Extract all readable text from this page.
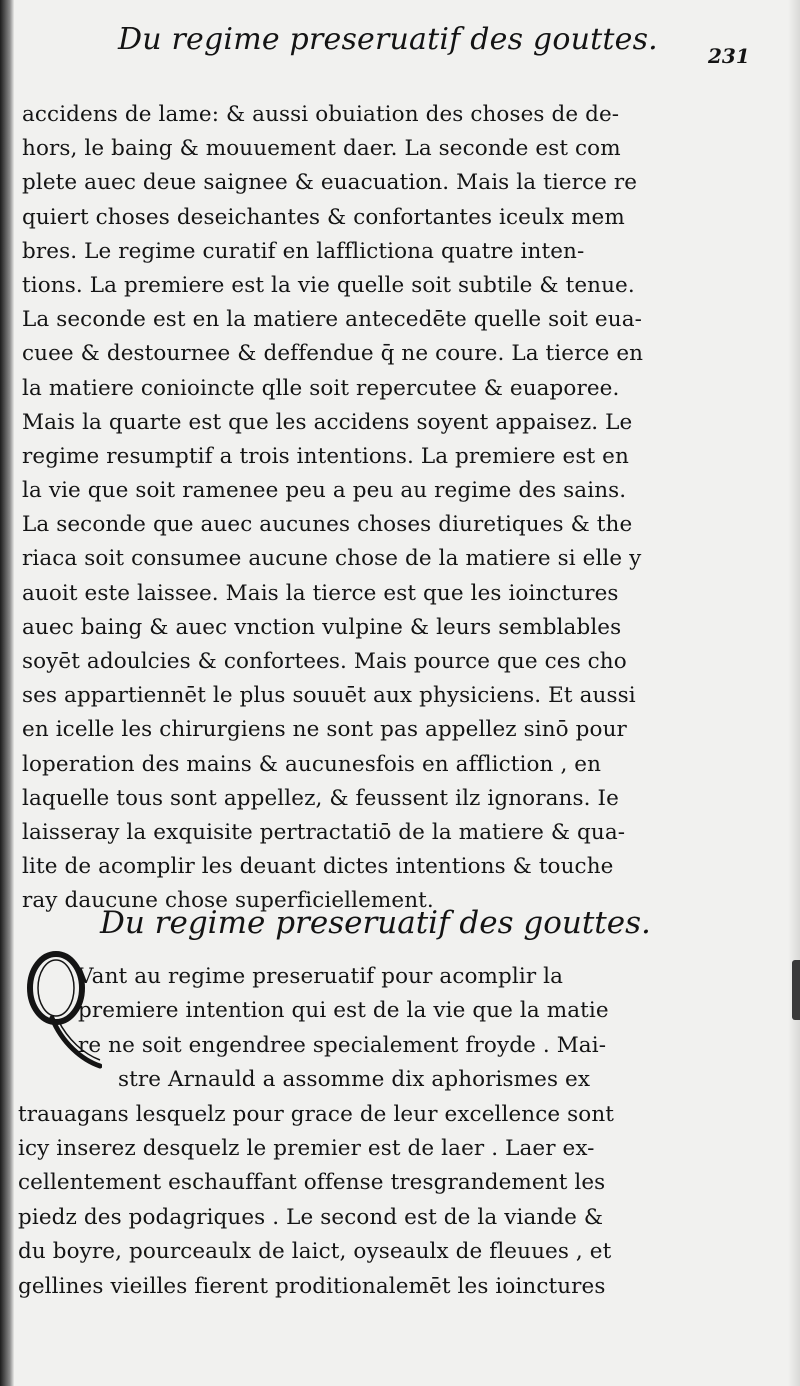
Du regime preseruatif des gouttes.	231
accidens de lame: & aussi obuiation des choses de de-
hors, le baing & mouuement daer. La seconde est com
plete auec deue saignee & euacuation. Mais la tierce re
quiert choses deseichantes & confortantes iceulx mem
bres. Le regime curatif en lafflictiona quatre inten-
tions. La premiere est la vie quelle soit subtile & tenue.
La seconde est en la matiere antecedēte quelle soit eua-
cuee & destournee & deffendue q̄ ne coure. La tierce en
la matiere conioincte qlle soit repercutee & euaporee.
Mais la quarte est que les accidens soyent appaisez. Le
regime resumptif a trois intentions. La premiere est en
la vie que soit ramenee peu a peu au regime des sains.
La seconde que auec aucunes choses diuretiques & the
riaca soit consumee aucune chose de la matiere si elle y
auoit este laissee. Mais la tierce est que les ioinctures
auec baing & auec vnction vulpine & leurs semblables
soyēt adoulcies & confortees. Mais pource que ces cho
ses appartiennēt le plus souuēt aux physiciens. Et aussi
en icelle les chirurgiens ne sont pas appellez sinō pour
loperation des mains & aucunesfois en affliction , en
laquelle tous sont appellez, & feussent ilz ignorans. Ie
laisseray la exquisite pertractatiō de la matiere & qua-
lite de acomplir les deuant dictes intentions & touche
ray daucune chose superficiellement.
Du regime preseruatif des gouttes.
Vant au regime preseruatif pour acomplir la
premiere intention qui est de la vie que la matie
re ne soit engendree specialement froyde . Mai-
stre Arnauld a assomme dix aphorismes ex
trauagans lesquelz pour grace de leur excellence sont
icy inserez desquelz le premier est de laer . Laer ex-
cellentement eschauffant offense tresgrandement les
piedz des podagriques . Le second est de la viande &
du boyre, pourceaulx de laict, oyseaulx de fleuues , et
gellines vieilles fierent proditionalemēt les ioinctures
